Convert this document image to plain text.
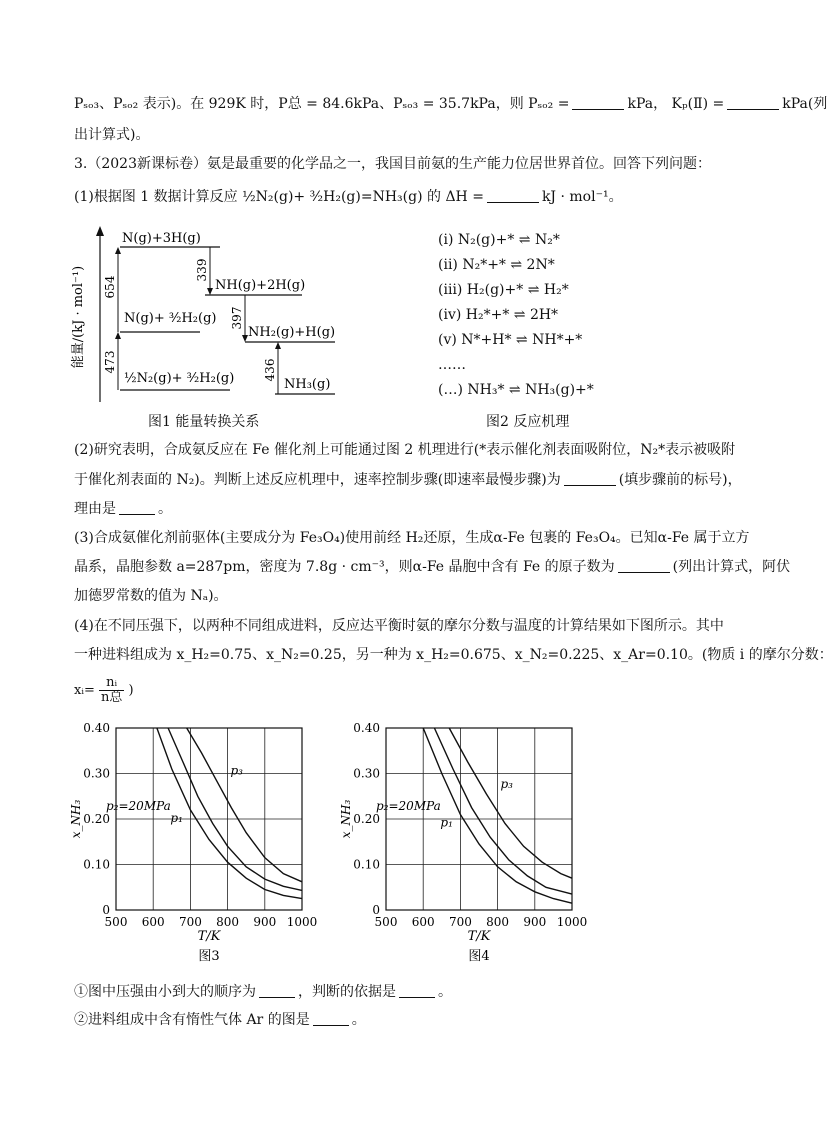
Pₛₒ₃、Pₛₒ₂ 表示)。在 929K 时，P总 = 84.6kPa、Pₛₒ₃ = 35.7kPa，则 Pₛₒ₂ =	kPa， Kₚ(Ⅱ) =	kPa(列
出计算式)。
3.（2023新课标卷）氨是最重要的化学品之一，我国目前氨的生产能力位居世界首位。回答下列问题：
(1)根据图 1 数据计算反应 ½N₂(g)+ ³⁄₂H₂(g)=NH₃(g) 的 ΔH =	kJ · mol⁻¹。
能量/(kJ · mol⁻¹)
N(g)+3H(g)
N(g)+ ³⁄₂H₂(g)
½N₂(g)+ ³⁄₂H₂(g)
NH(g)+2H(g)
NH₂(g)+H(g)
NH₃(g)
473
654
339
397
436
图1 能量转换关系
(ⅰ) N₂(g)+* ⇌ N₂*
(ⅱ) N₂*+* ⇌ 2N*
(ⅲ) H₂(g)+* ⇌ H₂*
(ⅳ) H₂*+* ⇌ 2H*
(ⅴ) N*+H* ⇌ NH*+*
……
(…) NH₃* ⇌ NH₃(g)+*
图2 反应机理
(2)研究表明，合成氨反应在 Fe 催化剂上可能通过图 2 机理进行(*表示催化剂表面吸附位，N₂*表示被吸附
于催化剂表面的 N₂)。判断上述反应机理中，速率控制步骤(即速率最慢步骤)为	(填步骤前的标号)，
理由是	。
(3)合成氨催化剂前驱体(主要成分为 Fe₃O₄)使用前经 H₂还原，生成α-Fe 包裹的 Fe₃O₄。已知α-Fe 属于立方
晶系，晶胞参数 a=287pm，密度为 7.8g · cm⁻³，则α-Fe 晶胞中含有 Fe 的原子数为	(列出计算式，阿伏
加德罗常数的值为 Nₐ)。
(4)在不同压强下，以两种不同组成进料，反应达平衡时氨的摩尔分数与温度的计算结果如下图所示。其中
一种进料组成为 x_H₂=0.75、x_N₂=0.25，另一种为 x_H₂=0.675、x_N₂=0.225、x_Ar=0.10。(物质 i 的摩尔分数：
xᵢ=
nᵢ
n总 )
500 600 700 800 900 1000
0
0.10
0.20
0.30
0.40
T/K
x_NH₃
图3
p₃
p₂=20MPa
p₁
500 600 700 800 900 1000
0
0.10
0.20
0.30
0.40
T/K
x_NH₃
图4
p₃
p₂=20MPa
p₁
①图中压强由小到大的顺序为	，判断的依据是	。
②进料组成中含有惰性气体 Ar 的图是	。
